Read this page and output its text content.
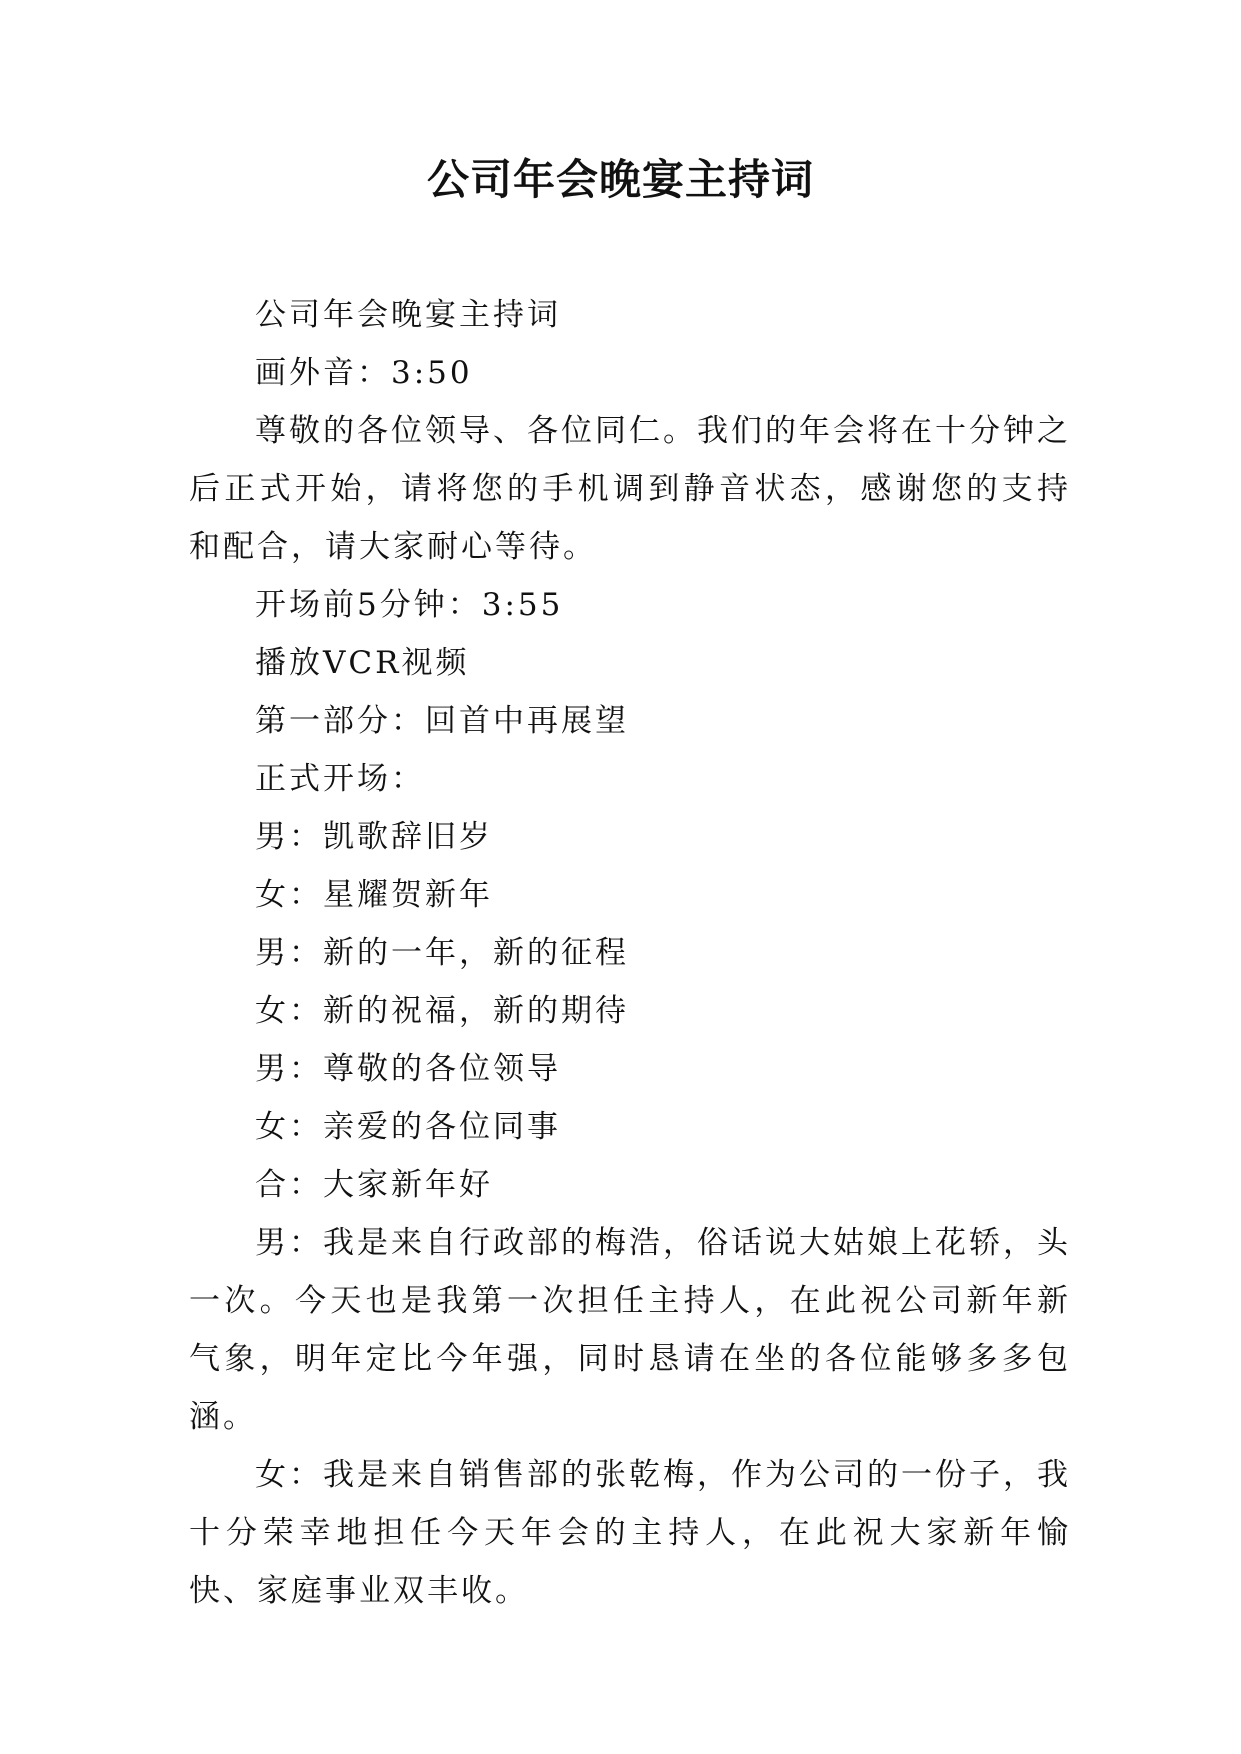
公司年会晚宴主持词

公司年会晚宴主持词

画外音：3:50

尊敬的各位领导、各位同仁。我们的年会将在十分钟之后正式开始，请将您的手机调到静音状态，感谢您的支持和配合，请大家耐心等待。

开场前5分钟：3:55

播放VCR视频

第一部分：回首中再展望

正式开场：

男：凯歌辞旧岁

女：星耀贺新年

男：新的一年，新的征程

女：新的祝福，新的期待

男：尊敬的各位领导

女：亲爱的各位同事

合：大家新年好

男：我是来自行政部的梅浩，俗话说大姑娘上花轿，头一次。今天也是我第一次担任主持人，在此祝公司新年新气象，明年定比今年强，同时恳请在坐的各位能够多多包涵。

女：我是来自销售部的张乾梅，作为公司的一份子，我十分荣幸地担任今天年会的主持人，在此祝大家新年愉快、家庭事业双丰收。
